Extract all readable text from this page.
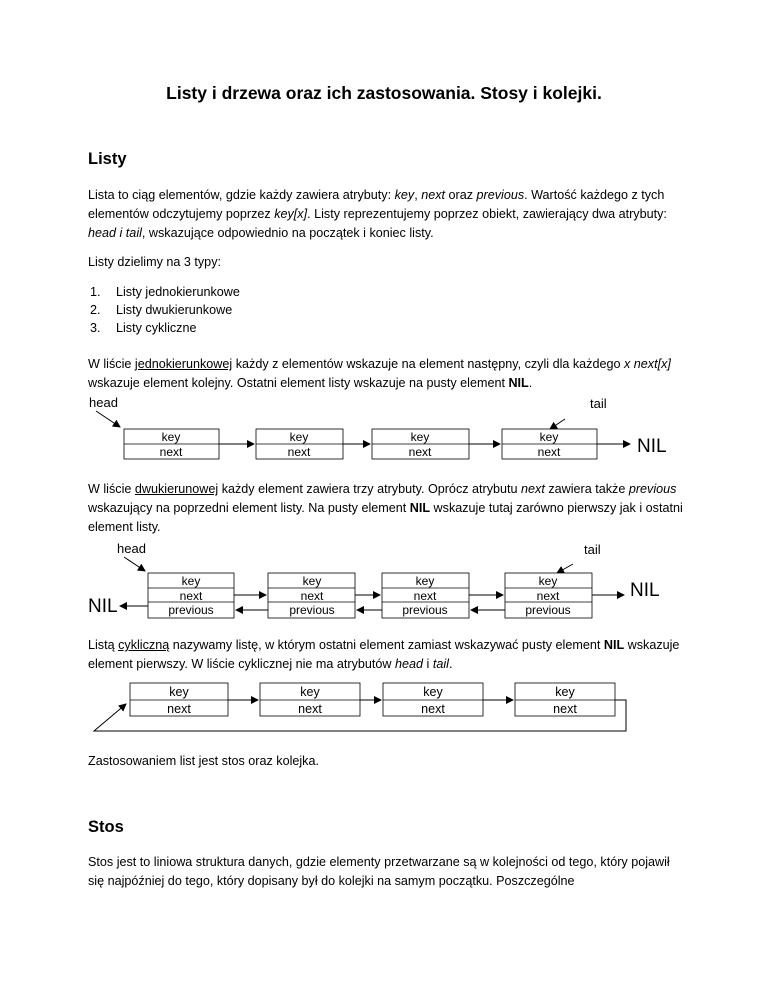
Listy i drzewa oraz ich zastosowania. Stosy i kolejki.
Listy

Lista to ciąg elementów, gdzie każdy zawiera atrybuty: key, next oraz previous. Wartość każdego z tych elementów odczytujemy poprzez key[x]. Listy reprezentujemy poprzez obiekt, zawierający dwa atrybuty: head i tail, wskazujące odpowiednio na początek i koniec listy.

Listy dzielimy na 3 typy:

1. Listy jednokierunkowe
2. Listy dwukierunkowe
3. Listy cykliczne

W liście jednokierunkowej każdy z elementów wskazuje na element następny, czyli dla każdego x next[x] wskazuje element kolejny. Ostatni element listy wskazuje na pusty element NIL.

head	tail
key
next
key
next
key
next
key
next	NIL

W liście dwukierunowej każdy element zawiera trzy atrybuty. Oprócz atrybutu next zawiera także previous wskazujący na poprzedni element listy. Na pusty element NIL wskazuje tutaj zarówno pierwszy jak i ostatni element listy.

head	tail
NIL
key
next
previous
key
next
previous
key
next
previous
key
next
previous
NIL

Listą cykliczną nazywamy listę, w którym ostatni element zamiast wskazywać pusty element NIL wskazuje element pierwszy. W liście cyklicznej nie ma atrybutów head i tail.

key
next
key
next
key
next
key
next

Zastosowaniem list jest stos oraz kolejka.

Stos

Stos jest to liniowa struktura danych, gdzie elementy przetwarzane są w kolejności od tego, który pojawił się najpóźniej do tego, który dopisany był do kolejki na samym początku. Poszczególne
